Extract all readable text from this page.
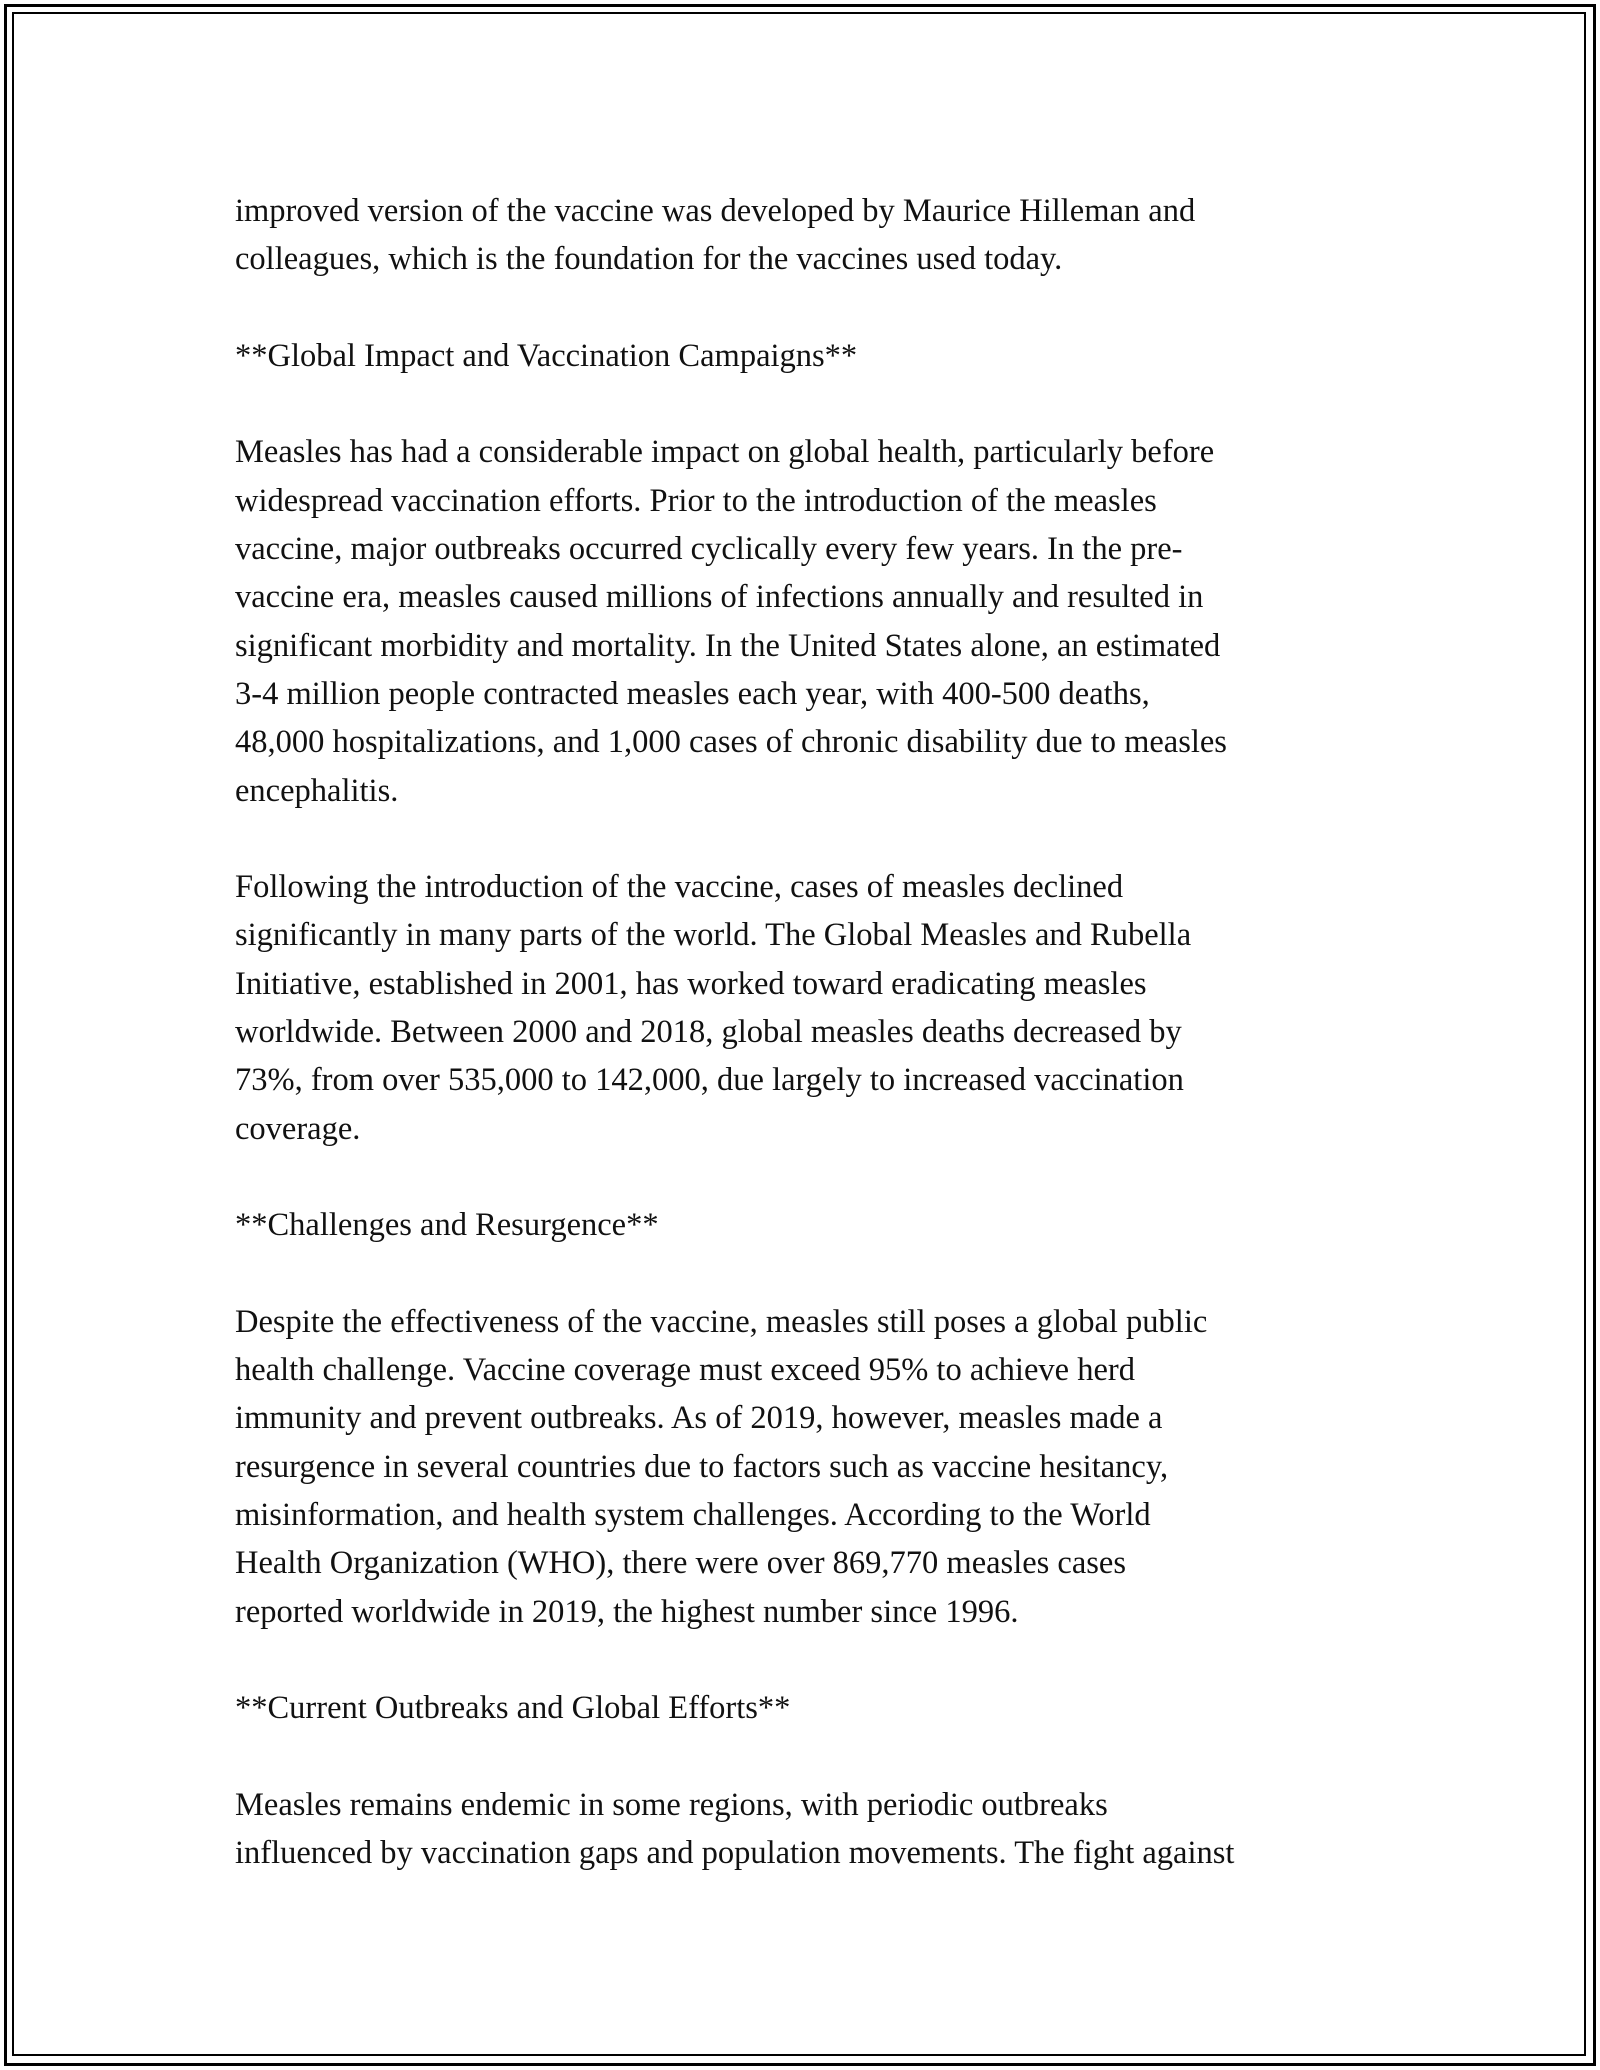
improved version of the vaccine was developed by Maurice Hilleman and
colleagues, which is the foundation for the vaccines used today.
**Global Impact and Vaccination Campaigns**
Measles has had a considerable impact on global health, particularly before
widespread vaccination efforts. Prior to the introduction of the measles
vaccine, major outbreaks occurred cyclically every few years. In the pre-
vaccine era, measles caused millions of infections annually and resulted in
significant morbidity and mortality. In the United States alone, an estimated
3-4 million people contracted measles each year, with 400-500 deaths,
48,000 hospitalizations, and 1,000 cases of chronic disability due to measles
encephalitis.
Following the introduction of the vaccine, cases of measles declined
significantly in many parts of the world. The Global Measles and Rubella
Initiative, established in 2001, has worked toward eradicating measles
worldwide. Between 2000 and 2018, global measles deaths decreased by
73%, from over 535,000 to 142,000, due largely to increased vaccination
coverage.
**Challenges and Resurgence**
Despite the effectiveness of the vaccine, measles still poses a global public
health challenge. Vaccine coverage must exceed 95% to achieve herd
immunity and prevent outbreaks. As of 2019, however, measles made a
resurgence in several countries due to factors such as vaccine hesitancy,
misinformation, and health system challenges. According to the World
Health Organization (WHO), there were over 869,770 measles cases
reported worldwide in 2019, the highest number since 1996.
**Current Outbreaks and Global Efforts**
Measles remains endemic in some regions, with periodic outbreaks
influenced by vaccination gaps and population movements. The fight against
